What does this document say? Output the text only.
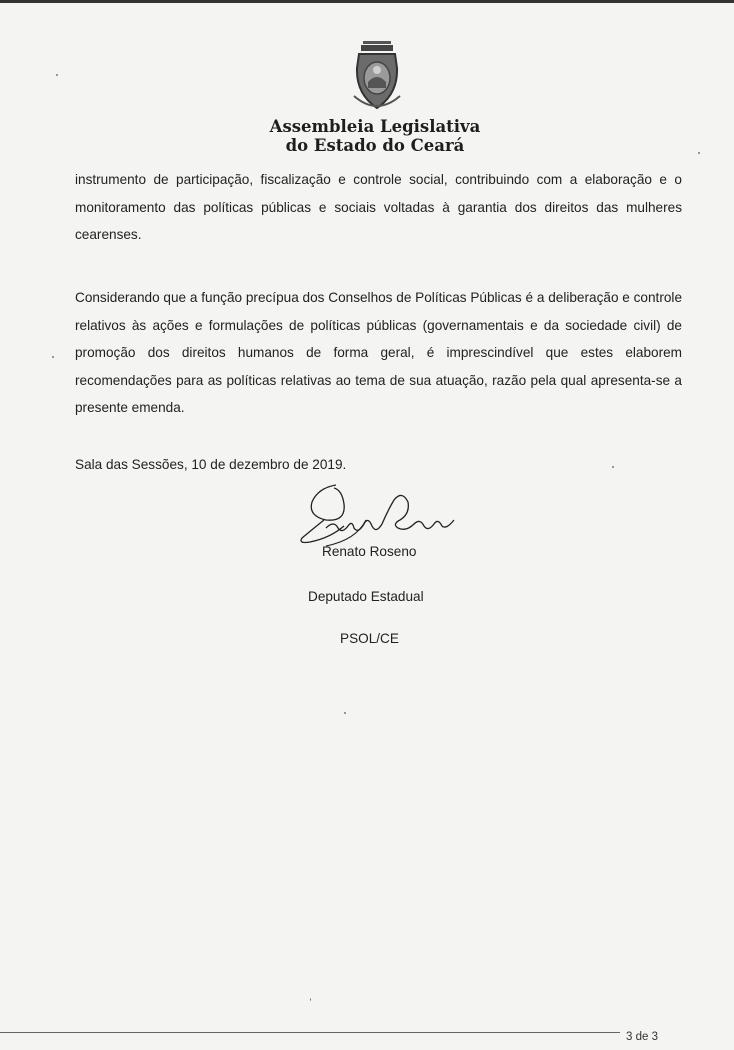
Assembleia Legislativa
do Estado do Ceará

instrumento de participação, fiscalização e controle social, contribuindo com a elaboração e o monitoramento das políticas públicas e sociais voltadas à garantia dos direitos das mulheres cearenses.

Considerando que a função precípua dos Conselhos de Políticas Públicas é a deliberação e controle relativos às ações e formulações de políticas públicas (governamentais e da sociedade civil) de promoção dos direitos humanos de forma geral, é imprescindível que estes elaborem recomendações para as políticas relativas ao tema de sua atuação, razão pela qual apresenta-se a presente emenda.

Sala das Sessões, 10 de dezembro de 2019.
Renato Roseno
Deputado Estadual
PSOL/CE
3 de 3
